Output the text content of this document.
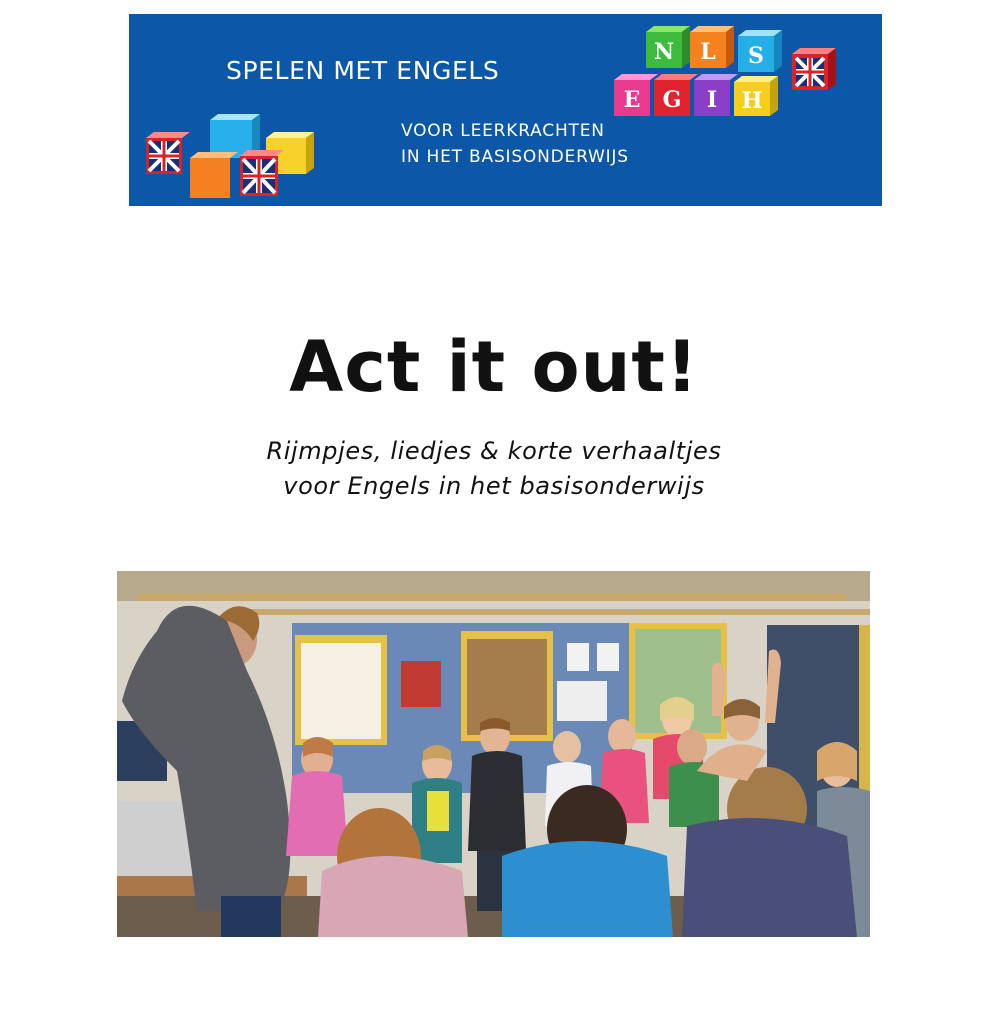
SPELEN MET ENGELS
VOOR LEERKRACHTEN
IN HET BASISONDERWIJS
N L S
E G I H
Act it out!
Rijmpjes, liedjes & korte verhaaltjes
voor Engels in het basisonderwijs
